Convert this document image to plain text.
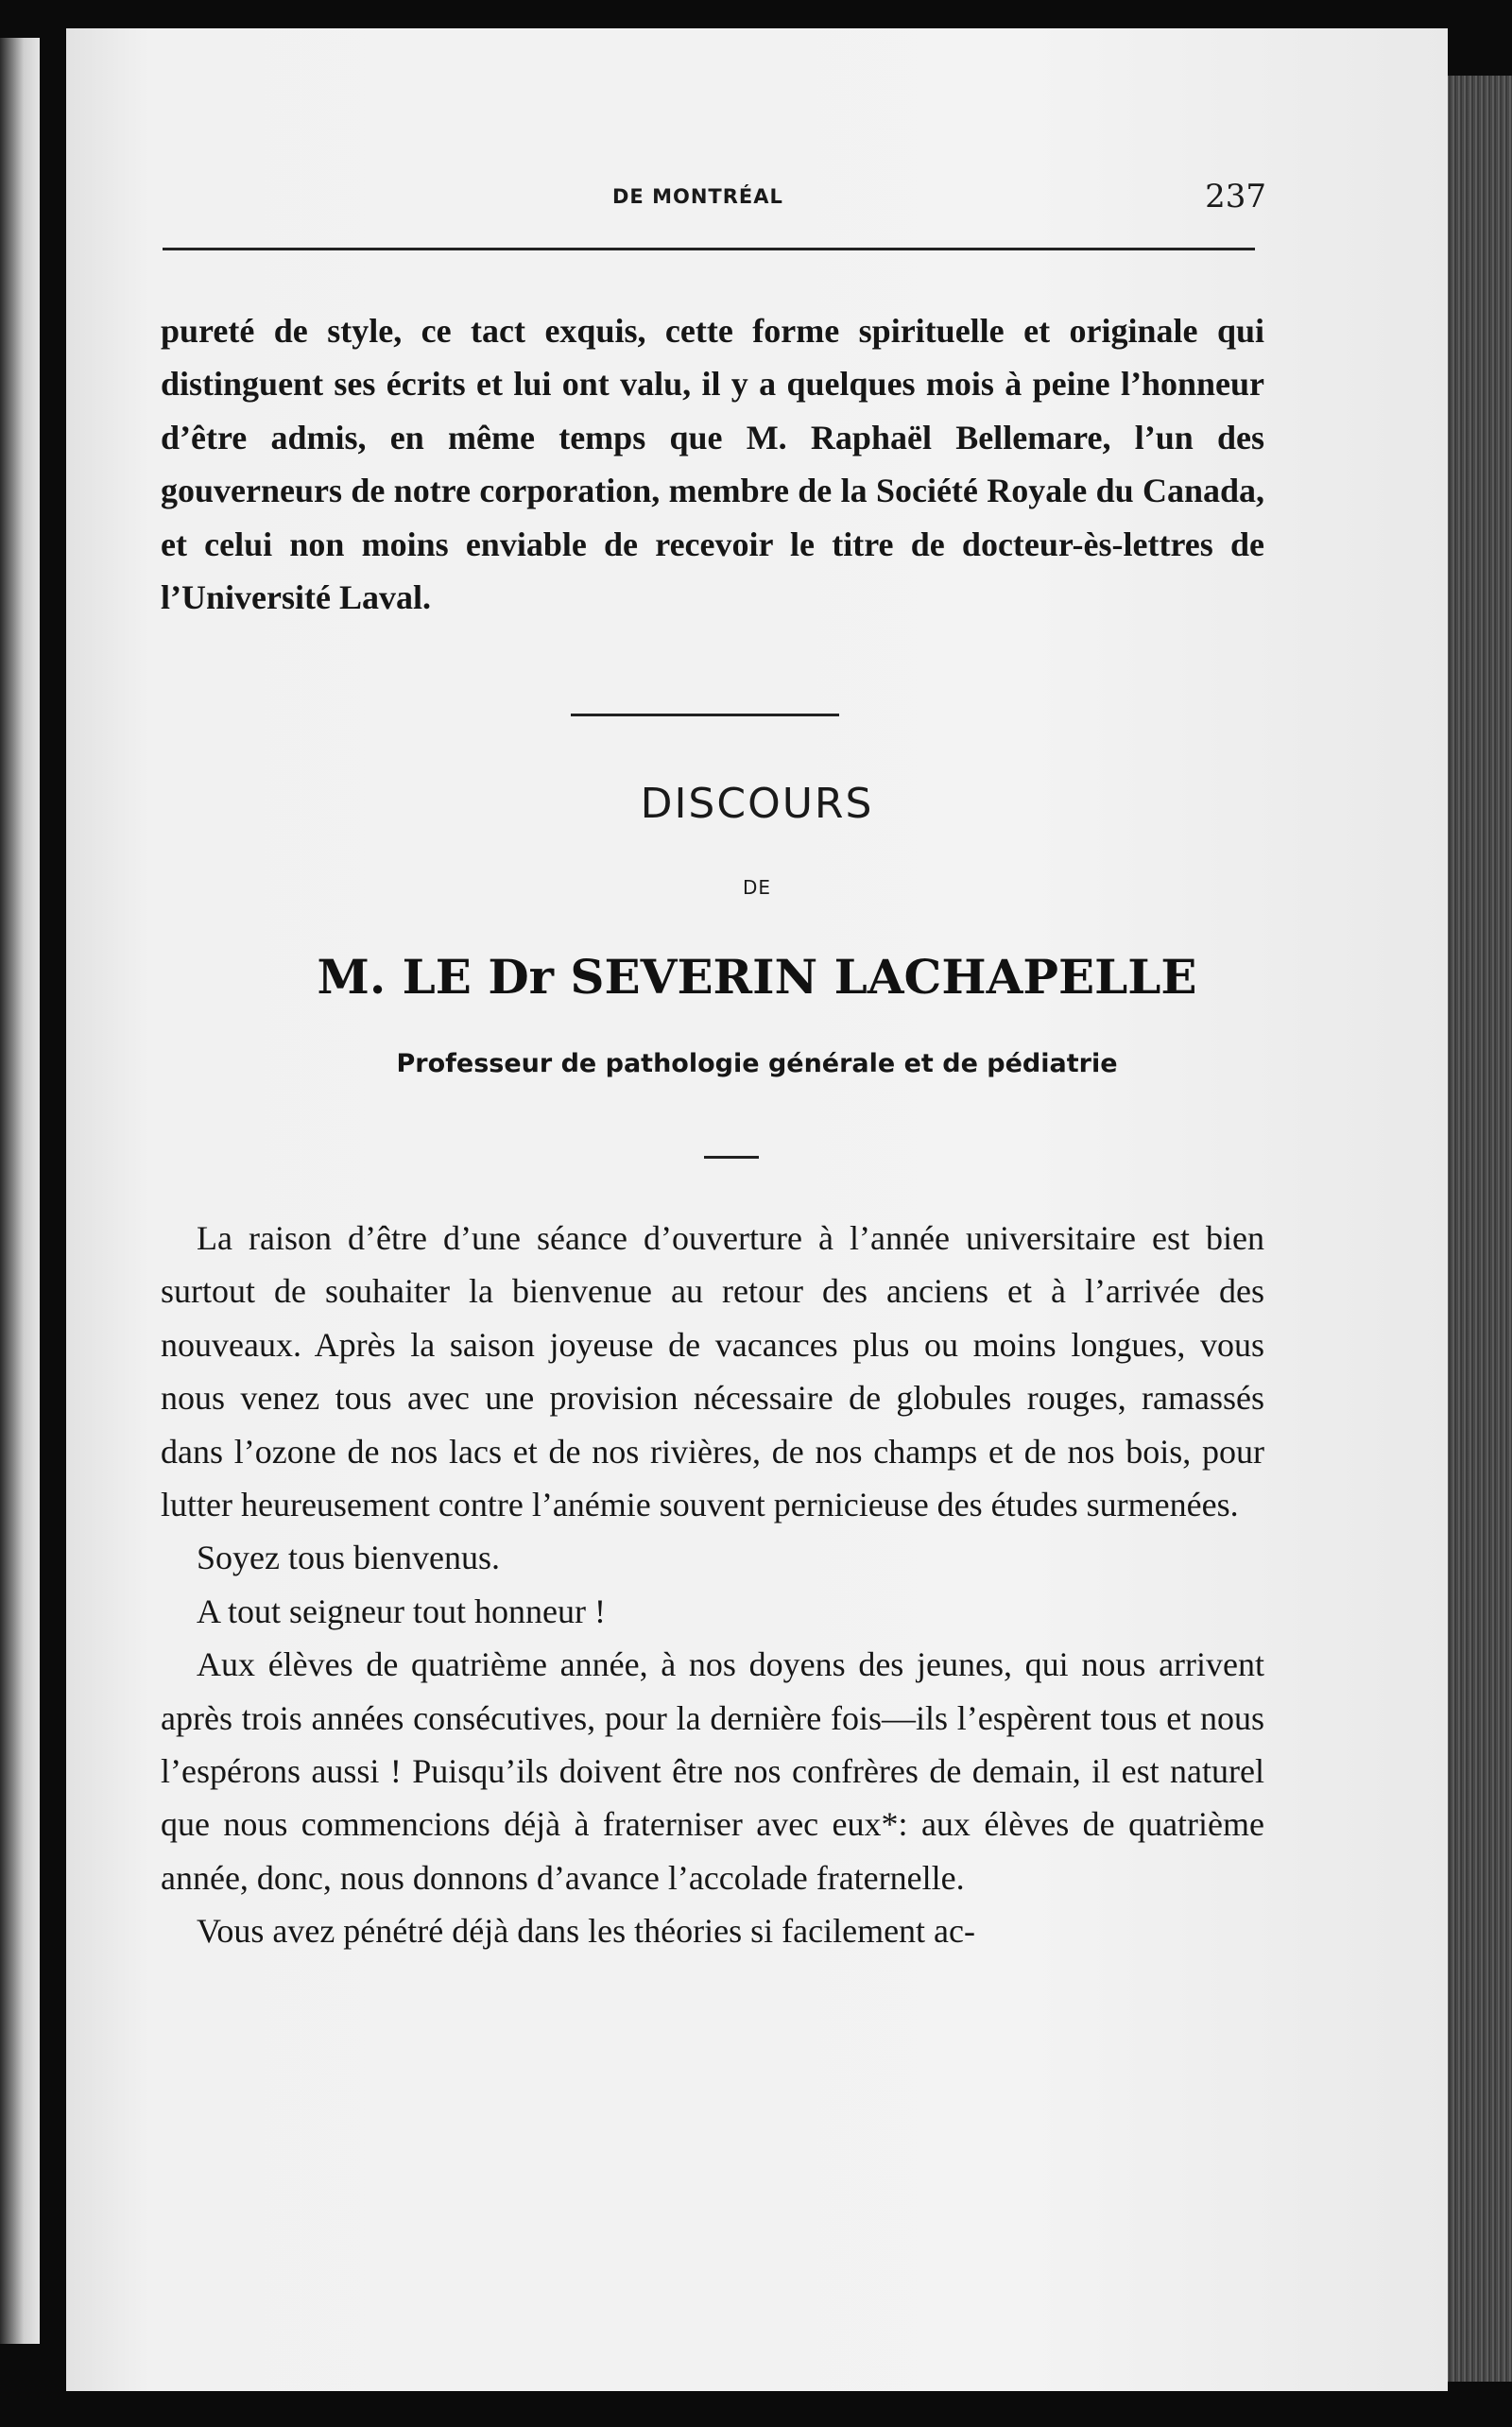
DE MONTRÉAL	237

pureté de style, ce tact exquis, cette forme spirituelle et originale qui distinguent ses écrits et lui ont valu, il y a quelques mois à peine l’honneur d’être admis, en même temps que M. Raphaël Bellemare, l’un des gouverneurs de notre corporation, membre de la Société Royale du Canada, et celui non moins enviable de recevoir le titre de docteur-ès-lettres de l’Université Laval.

DISCOURS
DE
M. LE Dr SEVERIN LACHAPELLE
Professeur de pathologie générale et de pédiatrie

La raison d’être d’une séance d’ouverture à l’année universitaire est bien surtout de souhaiter la bienvenue au retour des anciens et à l’arrivée des nouveaux. Après la saison joyeuse de vacances plus ou moins longues, vous nous venez tous avec une provision nécessaire de globules rouges, ramassés dans l’ozone de nos lacs et de nos rivières, de nos champs et de nos bois, pour lutter heureusement contre l’anémie souvent pernicieuse des études surmenées.

Soyez tous bienvenus.

A tout seigneur tout honneur !

Aux élèves de quatrième année, à nos doyens des jeunes, qui nous arrivent après trois années consécutives, pour la dernière fois—ils l’espèrent tous et nous l’espérons aussi ! Puisqu’ils doivent être nos confrères de demain, il est naturel que nous commencions déjà à fraterniser avec eux*: aux élèves de quatrième année, donc, nous donnons d’avance l’accolade fraternelle.

Vous avez pénétré déjà dans les théories si facilement ac-
